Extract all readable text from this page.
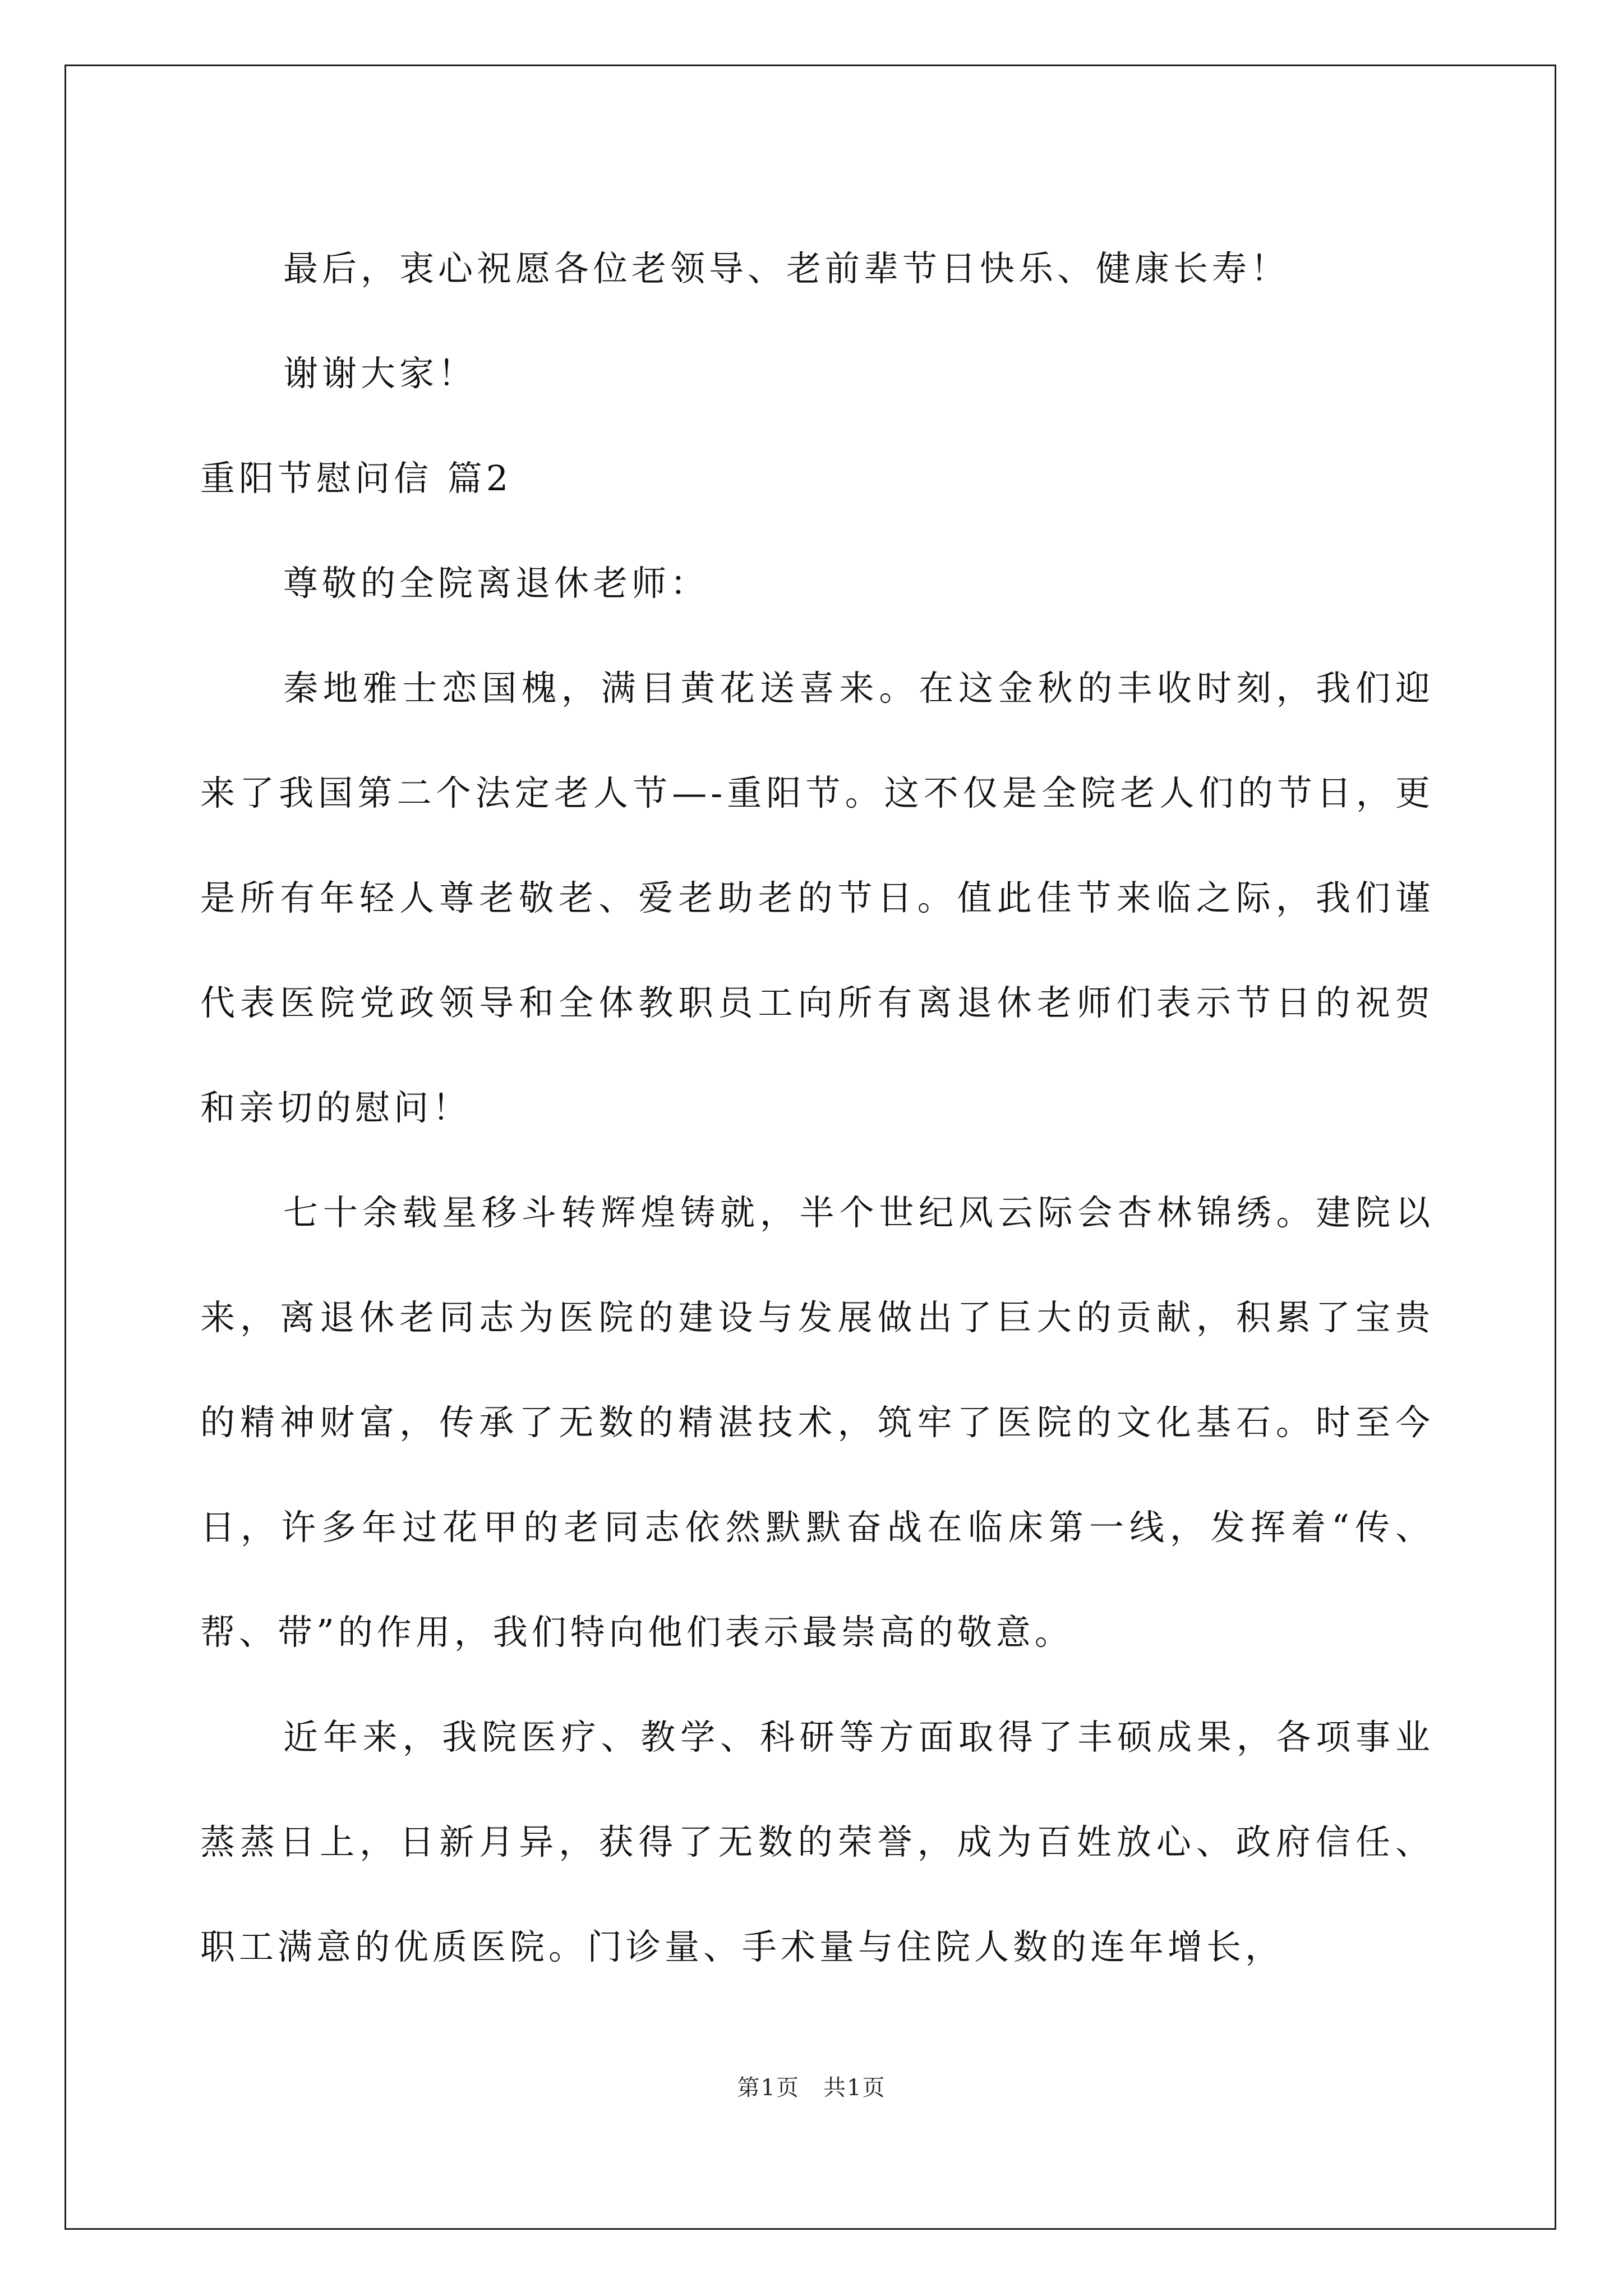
最后，衷心祝愿各位老领导、老前辈节日快乐、健康长寿！

谢谢大家！

重阳节慰问信 篇2

尊敬的全院离退休老师：

秦地雅士恋国槐，满目黄花送喜来。在这金秋的丰收时刻，我们迎来了我国第二个法定老人节—-重阳节。这不仅是全院老人们的节日，更是所有年轻人尊老敬老、爱老助老的节日。值此佳节来临之际，我们谨代表医院党政领导和全体教职员工向所有离退休老师们表示节日的祝贺和亲切的慰问！

七十余载星移斗转辉煌铸就，半个世纪风云际会杏林锦绣。建院以来，离退休老同志为医院的建设与发展做出了巨大的贡献，积累了宝贵的精神财富，传承了无数的精湛技术，筑牢了医院的文化基石。时至今日，许多年过花甲的老同志依然默默奋战在临床第一线，发挥着“传、帮、带”的作用，我们特向他们表示最崇高的敬意。

近年来，我院医疗、教学、科研等方面取得了丰硕成果，各项事业蒸蒸日上，日新月异，获得了无数的荣誉，成为百姓放心、政府信任、职工满意的优质医院。门诊量、手术量与住院人数的连年增长，

第1页　共1页
